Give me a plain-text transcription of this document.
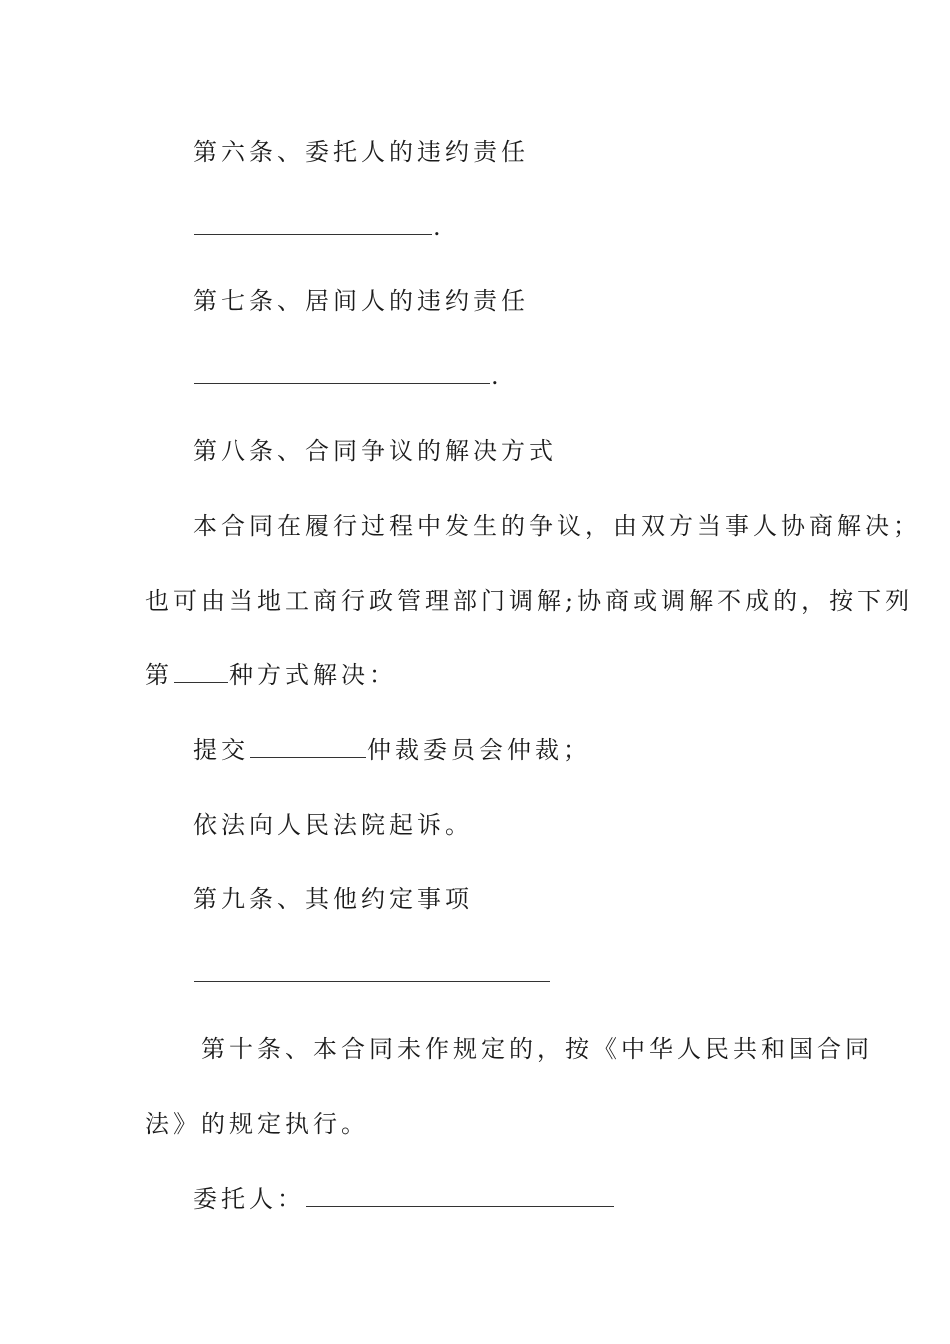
第六条、委托人的违约责任
.
第七条、居间人的违约责任
.
第八条、合同争议的解决方式
本合同在履行过程中发生的争议，由双方当事人协商解决；
也可由当地工商行政管理部门调解;协商或调解不成的，按下列
第 种方式解决：
提交	仲裁委员会仲裁；
依法向人民法院起诉。
第九条、其他约定事项
第十条、本合同未作规定的，按《中华人民共和国合同
法》的规定执行。
委托人：
